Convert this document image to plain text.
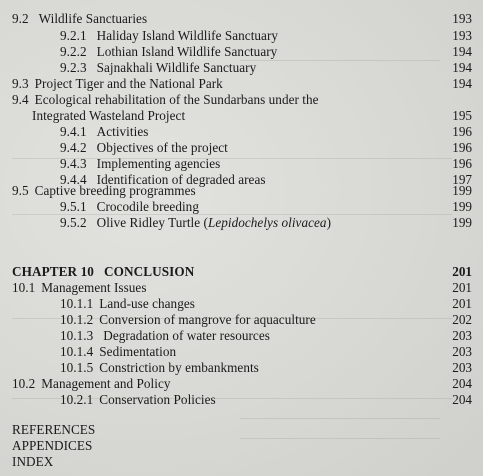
9.2 Wildlife Sanctuaries	193
9.2.1 Haliday Island Wildlife Sanctuary	193
9.2.2 Lothian Island Wildlife Sanctuary	194
9.2.3 Sajnakhali Wildlife Sanctuary	194
9.3 Project Tiger and the National Park	194
9.4 Ecological rehabilitation of the Sundarbans under the
Integrated Wasteland Project	195
9.4.1 Activities	196
9.4.2 Objectives of the project	196
9.4.3 Implementing agencies	196
9.4.4 Identification of degraded areas	197
9.5 Captive breeding programmes	199
9.5.1 Crocodile breeding	199
9.5.2 Olive Ridley Turtle (Lepidochelys olivacea)	199
CHAPTER 10 CONCLUSION	201
10.1 Management Issues	201
10.1.1 Land-use changes	201
10.1.2 Conversion of mangrove for aquaculture	202
10.1.3 Degradation of water resources	203
10.1.4 Sedimentation	203
10.1.5 Constriction by embankments	203
10.2 Management and Policy	204
10.2.1 Conservation Policies	204
REFERENCES
APPENDICES
INDEX
